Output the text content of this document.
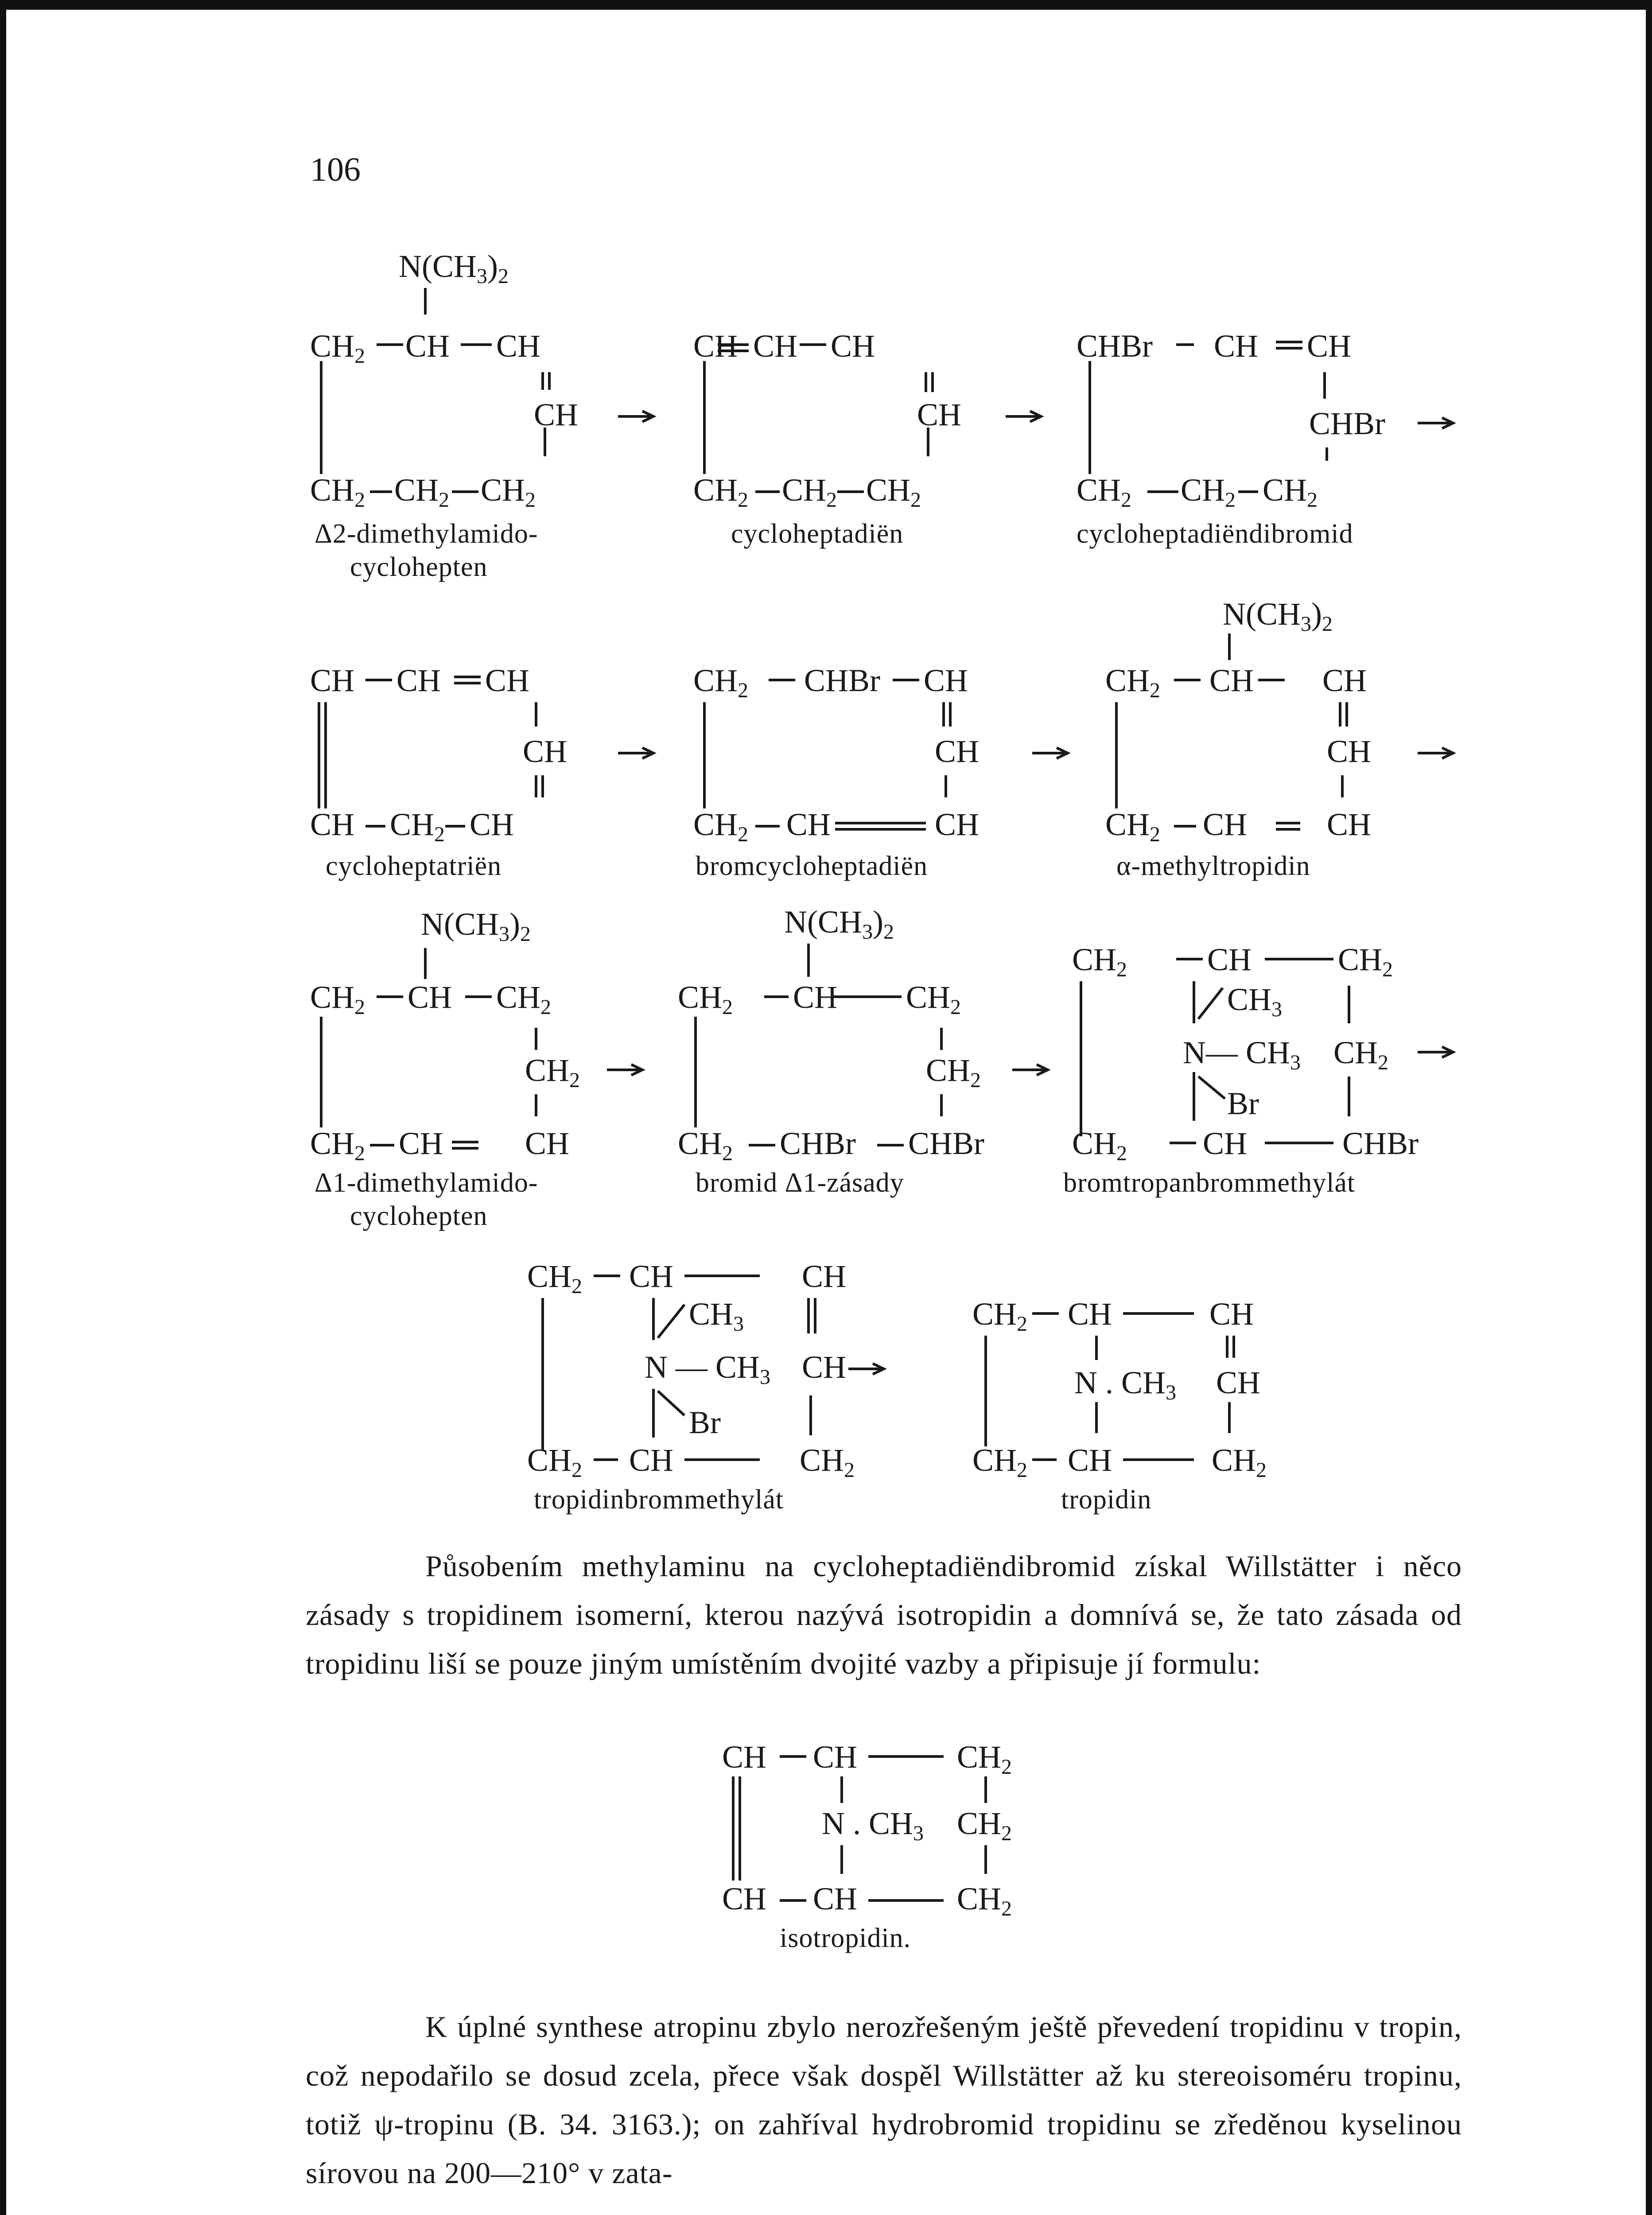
106
N(CH3)2
CH2 CH CH
CH
CH2 CH2 CH2
CH CH CH
CH
CH2 CH2 CH2
CHBr CH CH
CHBr
CH2 CH2 CH2
Δ2-dimethylamido-
cyclohepten
cycloheptadiën	cycloheptadiëndibromid
CH CH CH
CH
CH CH2 CH
CH2 CHBr CH
CH
CH2 CH	CH
N(CH3)2
CH2 CH CH
CH
CH2 CH CH
cycloheptatriën	bromcycloheptadiën	α-methyltropidin
N(CH3)2
CH2 CH CH2
CH2
CH2 CH	CH
N(CH3)2
CH2 CH CH2
CH2
CH2 CHBr CHBr
CH2	CH	CH2
CH3
N— CH3 CH2
Br
CH2 CH	CHBr
Δ1-dimethylamido-
cyclohepten
bromid Δ1-zásady	bromtropanbrommethylát
CH2 CH	CH
CH3
N — CH3 CH
Br
CH2 CH	CH2
CH2 CH	CH
N . CH3 CH
CH2 CH	CH2
tropidinbrommethylát	tropidin
Působením methylaminu na cycloheptadiëndibromid získal Willstätter i něco zásady s tropidinem isomerní, kterou nazývá isotropidin a domnívá se, že tato zásada od tropidinu liší se pouze jiným umístěním dvojité vazby a připisuje jí formulu:
CH CH	CH2
N . CH3 CH2
CH CH	CH2
isotropidin.
K úplné synthese atropinu zbylo nerozřešeným ještě převedení tropidinu v tropin, což nepodařilo se dosud zcela, přece však dospěl Willstätter až ku stereoisoméru tropinu, totiž ψ-tropinu (B. 34. 3163.); on zahříval hydrobromid tropidinu se zředěnou kyselinou sírovou na 200—210° v zata-
